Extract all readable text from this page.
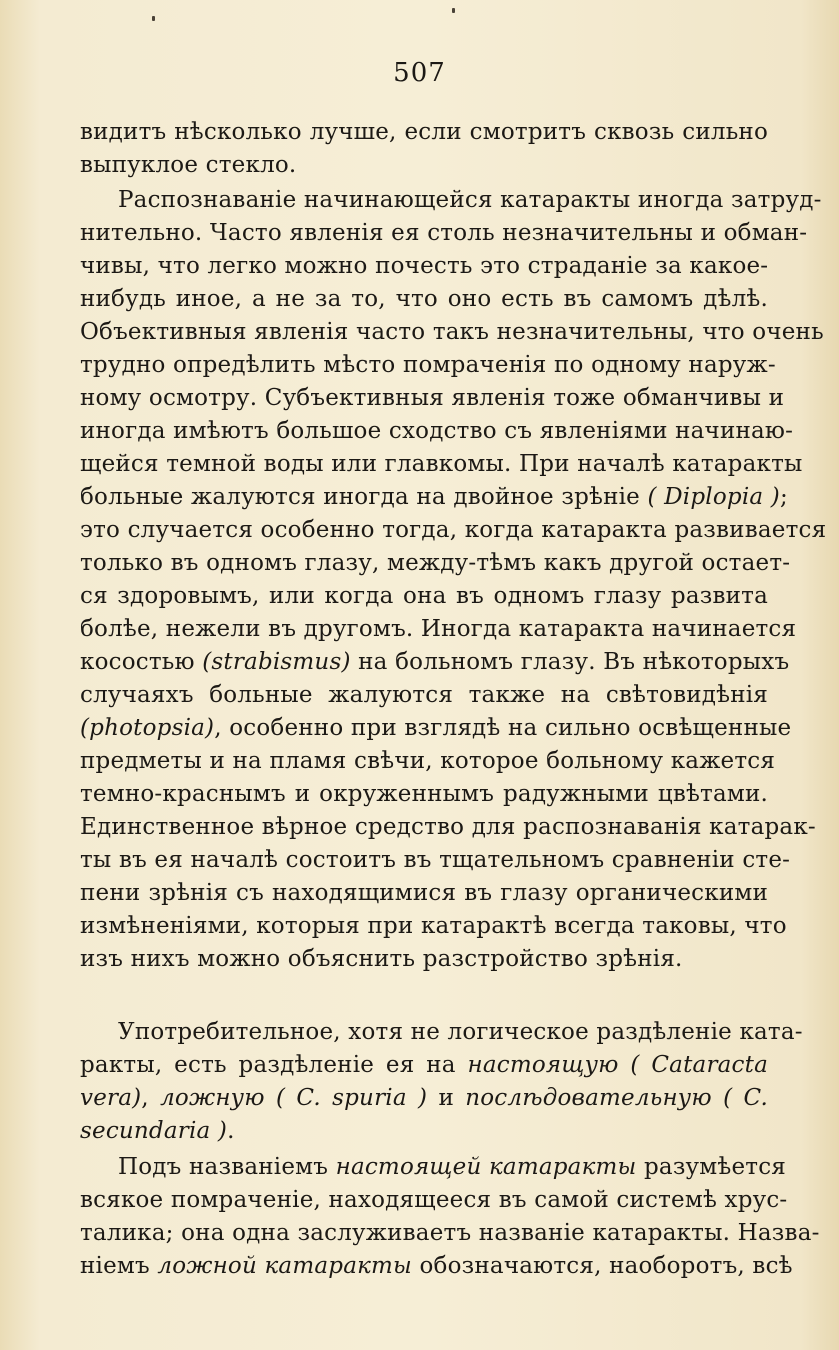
507
видитъ нѣсколько лучше, если смотритъ сквозь сильно
выпуклое стекло.
Распознаваніе начинающейся катаракты иногда затруд-
нительно. Часто явленія ея столь незначительны и обман-
чивы, что легко можно почесть это страданіе за какое-
нибудь иное, а не за то, что оно есть въ самомъ дѣлѣ.
Объективныя явленія часто такъ незначительны, что очень
трудно опредѣлить мѣсто помраченія по одному наруж-
ному осмотру. Субъективныя явленія тоже обманчивы и
иногда имѣютъ большое сходство съ явленіями начинаю-
щейся темной воды или главкомы. При началѣ катаракты
больные жалуются иногда на двойное зрѣніе ( Diplopia );
это случается особенно тогда, когда катаракта развивается
только въ одномъ глазу, между-тѣмъ какъ другой остает-
ся здоровымъ, или когда она въ одномъ глазу развита
болѣе, нежели въ другомъ. Иногда катаракта начинается
косостью (strabismus) на больномъ глазу. Въ нѣкоторыхъ
случаяхъ больные жалуются также на свѣтовидѣнія
(photopsia), особенно при взглядѣ на сильно освѣщенные
предметы и на пламя свѣчи, которое больному кажется
темно-краснымъ и окруженнымъ радужными цвѣтами.
Единственное вѣрное средство для распознаванія катарак-
ты въ ея началѣ состоитъ въ тщательномъ сравненіи сте-
пени зрѣнія съ находящимися въ глазу органическими
измѣненіями, которыя при катарактѣ всегда таковы, что
изъ нихъ можно объяснить разстройство зрѣнія.
Употребительное, хотя не логическое раздѣленіе ката-
ракты, есть раздѣленіе ея на настоящую ( Cataracta
vera), ложную ( C. spuria ) и послѣдовательную ( C.
secundaria ).
Подъ названіемъ настоящей катаракты разумѣется
всякое помраченіе, находящееся въ самой системѣ хрус-
талика; она одна заслуживаетъ названіе катаракты. Назва-
ніемъ ложной катаракты обозначаются, наоборотъ, всѣ
